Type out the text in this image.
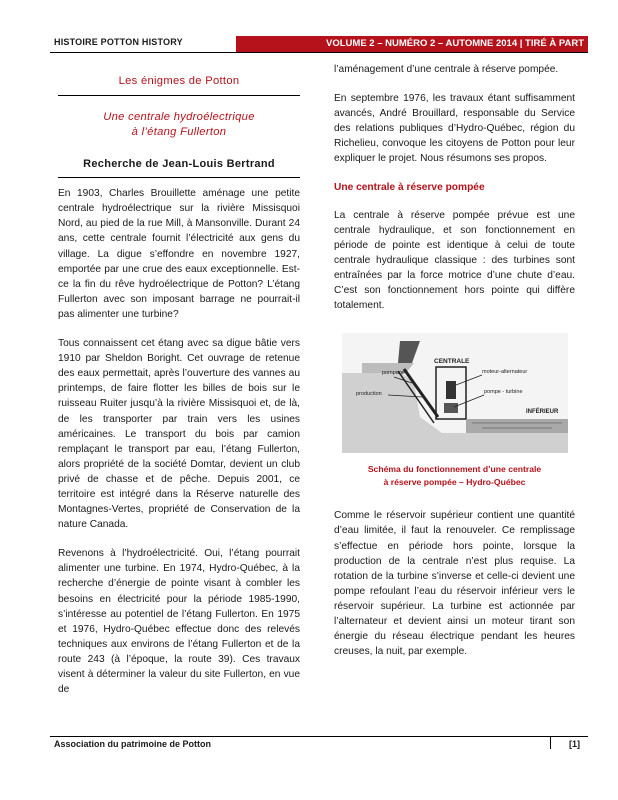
HISTOIRE POTTON HISTORY	VOLUME 2 – NUMÉRO 2 – AUTOMNE 2014 | TIRÉ À PART

Les énigmes de Potton

Une centrale hydroélectrique
à l’étang Fullerton

Recherche de Jean-Louis Bertrand

En 1903, Charles Brouillette aménage une petite centrale hydroélectrique sur la rivière Missisquoi Nord, au pied de la rue Mill, à Mansonville. Durant 24 ans, cette centrale fournit l’électricité aux gens du village. La digue s’effondre en novembre 1927, emportée par une crue des eaux exceptionnelle. Est-ce la fin du rêve hydroélectrique de Potton? L’étang Fullerton avec son imposant barrage ne pourrait-il pas alimenter une turbine?

Tous connaissent cet étang avec sa digue bâtie vers 1910 par Sheldon Boright. Cet ouvrage de retenue des eaux permettait, après l’ouverture des vannes au printemps, de faire flotter les billes de bois sur le ruisseau Ruiter jusqu’à la rivière Missisquoi et, de là, de les transporter par train vers les usines américaines. Le transport du bois par camion remplaçant le transport par eau, l’étang Fullerton, alors propriété de la société Domtar, devient un club privé de chasse et de pêche. Depuis 2001, ce territoire est intégré dans la Réserve naturelle des Montagnes-Vertes, propriété de Conservation de la nature Canada.

Revenons à l’hydroélectricité. Oui, l’étang pourrait alimenter une turbine. En 1974, Hydro-Québec, à la recherche d’énergie de pointe visant à combler les besoins en électricité pour la période 1985-1990, s’intéresse au potentiel de l’étang Fullerton. En 1975 et 1976, Hydro-Québec effectue donc des relevés techniques aux environs de l’étang Fullerton et de la route 243 (à l’époque, la route 39). Ces travaux visent à déterminer la valeur du site Fullerton, en vue de

l’aménagement d’une centrale à réserve pompée.

En septembre 1976, les travaux étant suffisamment avancés, André Brouillard, responsable du Service des relations publiques d’Hydro-Québec, région du Richelieu, convoque les citoyens de Potton pour leur expliquer le projet. Nous résumons ses propos.

Une centrale à réserve pompée

La centrale à réserve pompée prévue est une centrale hydraulique, et son fonctionnement en période de pointe est identique à celui de toute centrale hydraulique classique : des turbines sont entraînées par la force motrice d’une chute d’eau. C’est son fonctionnement hors pointe qui diffère totalement.

CENTRALE
pompage
production
moteur-alternateur
pompe - turbine
INFÉRIEUR

Schéma du fonctionnement d’une centrale
à réserve pompée – Hydro-Québec

Comme le réservoir supérieur contient une quantité d’eau limitée, il faut la renouveler. Ce remplissage s’effectue en période hors pointe, lorsque la production de la centrale n’est plus requise. La rotation de la turbine s’inverse et celle-ci devient une pompe refoulant l’eau du réservoir inférieur vers le réservoir supérieur. La turbine est actionnée par l’alternateur et devient ainsi un moteur tirant son énergie du réseau électrique pendant les heures creuses, la nuit, par exemple.

Association du patrimoine de Potton	[1]
